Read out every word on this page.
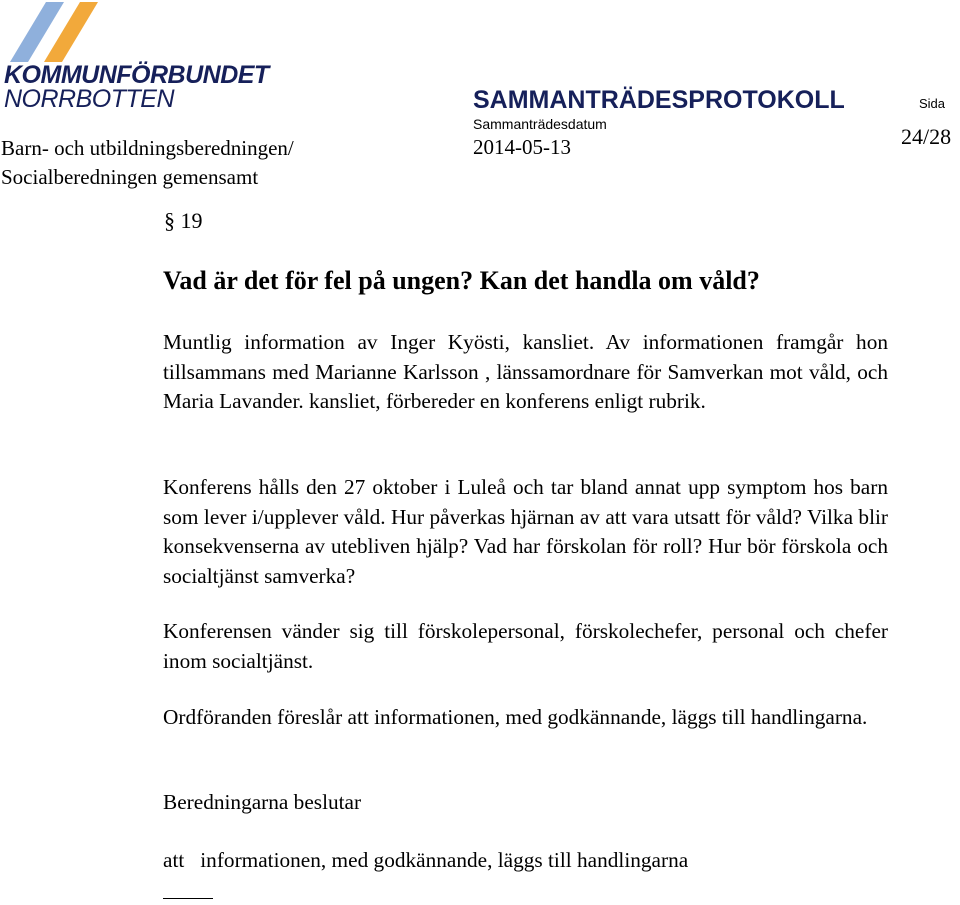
KOMMUNFÖRBUNDET
NORRBOTTEN	SAMMANTRÄDESPROTOKOLL	Sida
Sammanträdesdatum
2014-05-13	24/28
Barn- och utbildningsberedningen/
Socialberedningen gemensamt
§ 19
Vad är det för fel på ungen? Kan det handla om våld?
Muntlig information av Inger Kyösti, kansliet. Av informationen framgår hon tillsammans med Marianne Karlsson , länssamordnare för Samverkan mot våld, och Maria Lavander. kansliet, förbereder en konferens enligt rubrik.
Konferens hålls den 27 oktober i Luleå och tar bland annat upp symptom hos barn som lever i/upplever våld. Hur påverkas hjärnan av att vara utsatt för våld? Vilka blir konsekvenserna av utebliven hjälp? Vad har förskolan för roll? Hur bör förskola och socialtjänst samverka?
Konferensen vänder sig till förskolepersonal, förskolechefer, personal och chefer inom socialtjänst.
Ordföranden föreslår att informationen, med godkännande, läggs till handlingarna.
Beredningarna beslutar
att   informationen, med godkännande, läggs till handlingarna
